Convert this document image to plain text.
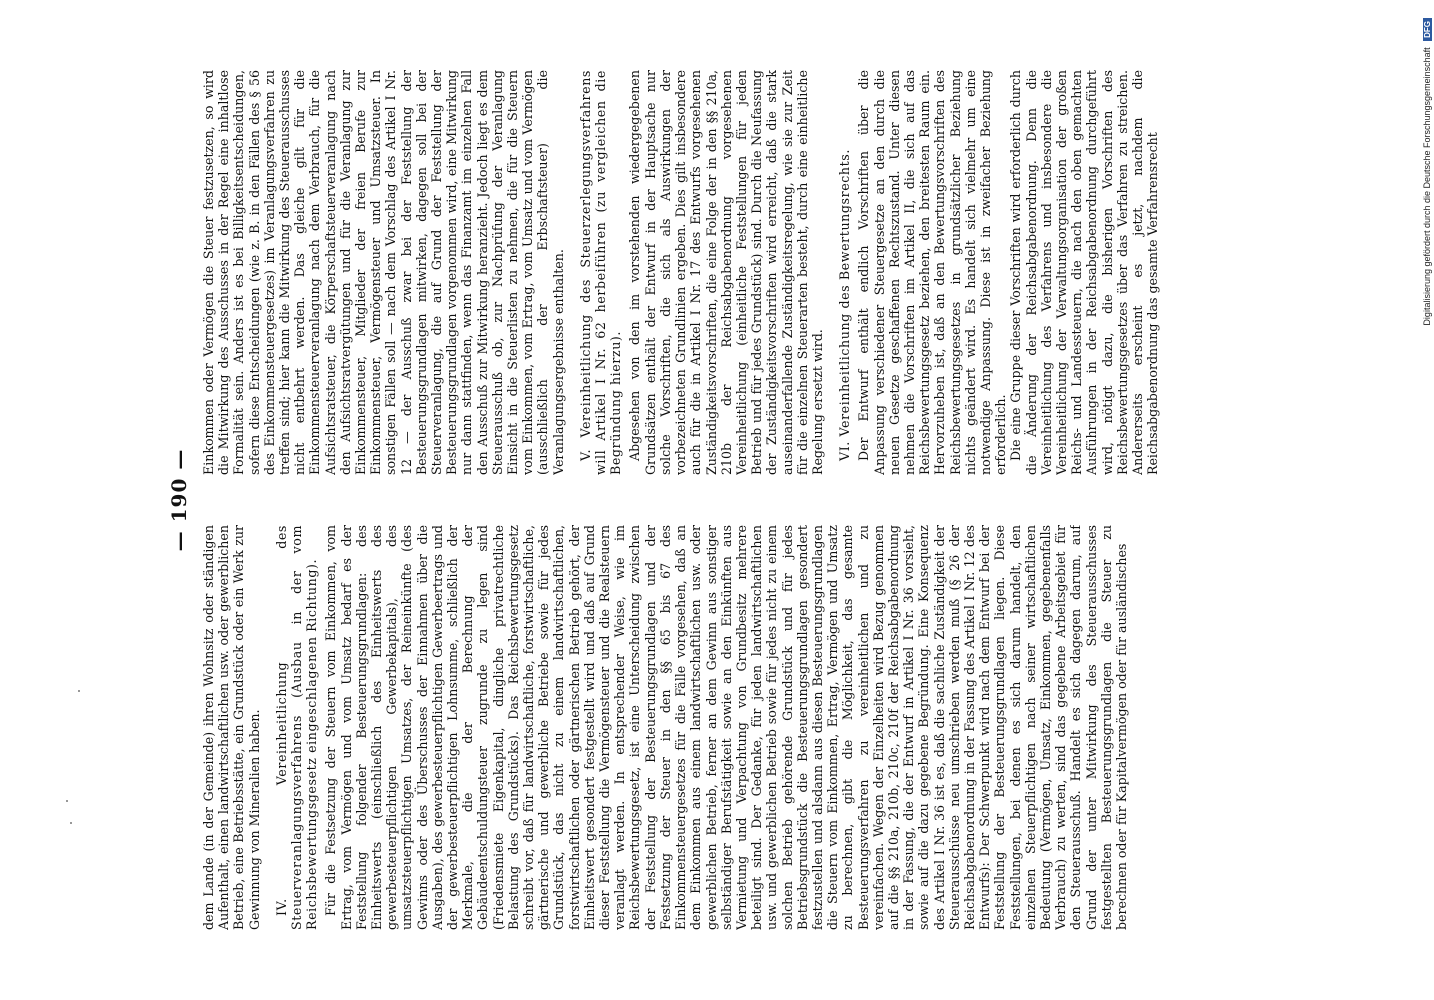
— 190 —

dem Lande (in der Gemeinde) ihren Wohnsitz oder ständigen Aufenthalt, einen landwirtschaftlichen usw. oder gewerblichen Betrieb, eine Betriebsstätte, ein Grundstück oder ein Werk zur Gewinnung von Mineralien haben. IV. Vereinheitlichung des Steuerveranlagungsverfahrens (Ausbau in der vom Reichsbewertungsgesetz eingeschlagenen Richtung). Für die Festsetzung der Steuern vom Einkommen, vom Ertrag, vom Vermögen und vom Umsatz bedarf es der Feststellung folgender Besteuerungsgrundlagen: des Einheitswerts (einschließlich des Einheitswerts des gewerbesteuerpflichtigen Gewerbekapitals), des umsatzsteuerpflichtigen Umsatzes, der Reineinkünfte (des Gewinns oder des Überschusses der Einnahmen über die Ausgaben), des gewerbesteuerpflichtigen Gewerbeertrags und der gewerbesteuerpflichtigen Lohnsumme, schließlich der Merkmale, die der Berechnung der Gebäudeentschuldungsteuer zugrunde zu legen sind (Friedensmiete Eigenkapital, dingliche privatrechtliche Belastung des Grundstücks). Das Reichsbewertungsgesetz schreibt vor, daß für landwirtschaftliche, forstwirtschaftliche, gärtnerische und gewerbliche Betriebe sowie für jedes Grundstück, das nicht zu einem landwirtschaftlichen, forstwirtschaftlichen oder gärtnerischen Betrieb gehört, der Einheitswert gesondert festgestellt wird und daß auf Grund dieser Feststellung die Vermögensteuer und die Realsteuern veranlagt werden. In entsprechender Weise, wie im Reichsbewertungsgesetz, ist eine Unterscheidung zwischen der Feststellung der Besteuerungsgrundlagen und der Festsetzung der Steuer in den §§ 65 bis 67 des Einkommensteuergesetzes für die Fälle vorgesehen, daß an dem Einkommen aus einem landwirtschaftlichen usw. oder gewerblichen Betrieb, ferner an dem Gewinn aus sonstiger selbständiger Berufstätigkeit sowie an den Einkünften aus Vermietung und Verpachtung von Grundbesitz mehrere beteiligt sind. Der Gedanke, für jeden landwirtschaftlichen usw. und gewerblichen Betrieb sowie für jedes nicht zu einem solchen Betrieb gehörende Grundstück und für jedes Betriebsgrundstück die Besteuerungsgrundlagen gesondert festzustellen und alsdann aus diesen Besteuerungsgrundlagen die Steuern vom Einkommen, Ertrag, Vermögen und Umsatz zu berechnen, gibt die Möglichkeit, das gesamte Besteuerungsverfahren zu vereinheitlichen und zu vereinfachen. Wegen der Einzelheiten wird Bezug genommen auf die §§ 210a, 210b, 210c, 210f der Reichsabgabenordnung in der Fassung, die der Entwurf in Artikel I Nr. 36 vorsieht, sowie auf die dazu gegebene Begründung. Eine Konsequenz des Artikel I Nr. 36 ist es, daß die sachliche Zuständigkeit der Steuerausschüsse neu umschrieben werden muß (§ 26 der Reichsabgabenordnung in der Fassung des Artikel I Nr. 12 des Entwurfs): Der Schwerpunkt wird nach dem Entwurf bei der Feststellung der Besteuerungsgrundlagen liegen. Diese Feststellungen, bei denen es sich darum handelt, den einzelnen Steuerpflichtigen nach seiner wirtschaftlichen Bedeutung (Vermögen, Umsatz, Einkommen, gegebenenfalls Verbrauch) zu werten, sind das gegebene Arbeitsgebiet für den Steuerausschuß. Handelt es sich dagegen darum, auf Grund der unter Mitwirkung des Steuerausschusses festgestellten Besteuerungsgrundlagen die Steuer zu berechnen oder für Kapitalvermögen oder für ausländisches

Einkommen oder Vermögen die Steuer festzusetzen, so wird die Mitwirkung des Ausschusses in der Regel eine inhaltlose Formalität sein. Anders ist es bei Billigkeitsentscheidungen, sofern diese Entscheidungen (wie z. B. in den Fällen des § 56 des Einkommensteuergesetzes) im Veranlagungsverfahren zu treffen sind; hier kann die Mitwirkung des Steuerausschusses nicht entbehrt werden. Das gleiche gilt für die Einkommensteuerveranlagung nach dem Verbrauch, für die Aufsichtsratsteuer, die Körperschaftsteuerveranlagung nach den Aufsichtsratvergütungen und für die Veranlagung zur Einkommensteuer, Mitglieder der freien Berufe zur Einkommensteuer, Vermögensteuer und Umsatzsteuer. In sonstigen Fällen soll — nach dem Vorschlag des Artikel I Nr. 12 — der Ausschuß zwar bei der Feststellung der Besteuerungsgrundlagen mitwirken, dagegen soll bei der Steuerveranlagung, die auf Grund der Feststellung der Besteuerungsgrundlagen vorgenommen wird, eine Mitwirkung nur dann stattfinden, wenn das Finanzamt im einzelnen Fall den Ausschuß zur Mitwirkung heranzieht. Jedoch liegt es dem Steuerausschuß ob, zur Nachprüfung der Veranlagung Einsicht in die Steuerlisten zu nehmen, die für die Steuern vom Einkommen, vom Ertrag, vom Umsatz und vom Vermögen (ausschließlich der Erbschaftsteuer) die Veranlagungsergebnisse enthalten. V. Vereinheitlichung des Steuerzerlegungsverfahrens will Artikel I Nr. 62 herbeiführen (zu vergleichen die Begründung hierzu). Abgesehen von den im vorstehenden wiedergegebenen Grundsätzen enthält der Entwurf in der Hauptsache nur solche Vorschriften, die sich als Auswirkungen der vorbezeichneten Grundlinien ergeben. Dies gilt insbesondere auch für die in Artikel I Nr. 17 des Entwurfs vorgesehenen Zuständigkeitsvorschriften, die eine Folge der in den §§ 210a, 210b der Reichsabgabenordnung vorgesehenen Vereinheitlichung (einheitliche Feststellungen für jeden Betrieb und für jedes Grundstück) sind. Durch die Neufassung der Zuständigkeitsvorschriften wird erreicht, daß die stark auseinanderfallende Zuständigkeitsregelung, wie sie zur Zeit für die einzelnen Steuerarten besteht, durch eine einheitliche Regelung ersetzt wird. VI. Vereinheitlichung des Bewertungsrechts. Der Entwurf enthält endlich Vorschriften über die Anpassung verschiedener Steuergesetze an den durch die neuen Gesetze geschaffenen Rechtszustand. Unter diesen nehmen die Vorschriften im Artikel II, die sich auf das Reichsbewertungsgesetz beziehen, den breitesten Raum ein. Hervorzuheben ist, daß an den Bewertungsvorschriften des Reichsbewertungsgesetzes in grundsätzlicher Beziehung nichts geändert wird. Es handelt sich vielmehr um eine notwendige Anpassung. Diese ist in zweifacher Beziehung erforderlich. Die eine Gruppe dieser Vorschriften wird erforderlich durch die Änderung der Reichsabgabenordnung. Denn die Vereinheitlichung des Verfahrens und insbesondere die Vereinheitlichung der Verwaltungsorganisation der großen Reichs- und Landessteuern, die nach den oben gemachten Ausführungen in der Reichsabgabenordnung durchgeführt wird, nötigt dazu, die bisherigen Vorschriften des Reichsbewertungsgesetzes über das Verfahren zu streichen. Andererseits erscheint es jetzt, nachdem die Reichsabgabenordnung das gesamte Verfahrensrecht	Digitalisierung gefördert durch die Deutsche Forschungsgemeinschaft DFG
